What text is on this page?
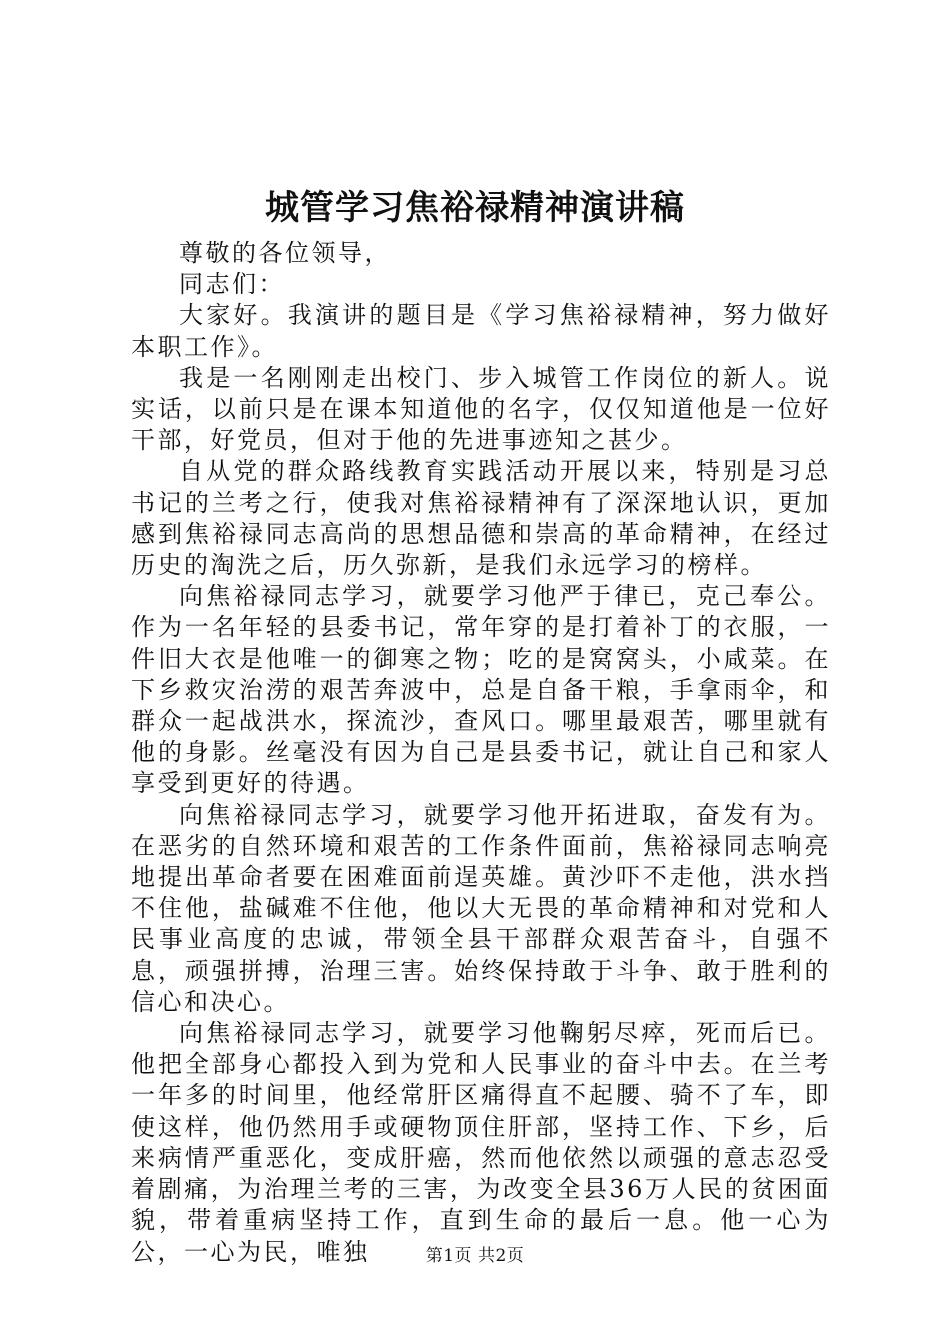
城管学习焦裕禄精神演讲稿

尊敬的各位领导，

同志们：

大家好。我演讲的题目是《学习焦裕禄精神，努力做好本职工作》。

我是一名刚刚走出校门、步入城管工作岗位的新人。说实话，以前只是在课本知道他的名字，仅仅知道他是一位好干部，好党员，但对于他的先进事迹知之甚少。

自从党的群众路线教育实践活动开展以来，特别是习总书记的兰考之行，使我对焦裕禄精神有了深深地认识，更加感到焦裕禄同志高尚的思想品德和崇高的革命精神，在经过历史的淘洗之后，历久弥新，是我们永远学习的榜样。

向焦裕禄同志学习，就要学习他严于律已，克己奉公。作为一名年轻的县委书记，常年穿的是打着补丁的衣服，一件旧大衣是他唯一的御寒之物；吃的是窝窝头，小咸菜。在下乡救灾治涝的艰苦奔波中，总是自备干粮，手拿雨伞，和群众一起战洪水，探流沙，查风口。哪里最艰苦，哪里就有他的身影。丝毫没有因为自己是县委书记，就让自己和家人享受到更好的待遇。

向焦裕禄同志学习，就要学习他开拓进取，奋发有为。在恶劣的自然环境和艰苦的工作条件面前，焦裕禄同志响亮地提出革命者要在困难面前逞英雄。黄沙吓不走他，洪水挡不住他，盐碱难不住他，他以大无畏的革命精神和对党和人民事业高度的忠诚，带领全县干部群众艰苦奋斗，自强不息，顽强拼搏，治理三害。始终保持敢于斗争、敢于胜利的信心和决心。

向焦裕禄同志学习，就要学习他鞠躬尽瘁，死而后已。他把全部身心都投入到为党和人民事业的奋斗中去。在兰考一年多的时间里，他经常肝区痛得直不起腰、骑不了车，即使这样，他仍然用手或硬物顶住肝部，坚持工作、下乡，后来病情严重恶化，变成肝癌，然而他依然以顽强的意志忍受着剧痛，为治理兰考的三害，为改变全县36万人民的贫困面貌，带着重病坚持工作，直到生命的最后一息。他一心为公，一心为民，唯独	第1页 共2页
